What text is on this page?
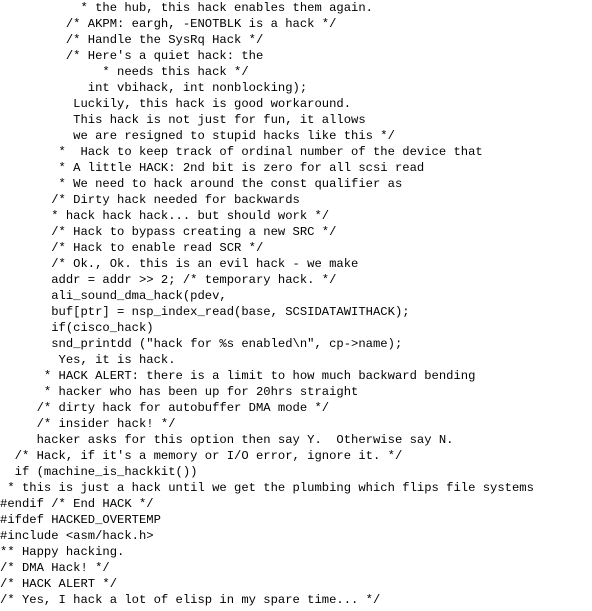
* the hub, this hack enables them again.
/* AKPM: eargh, -ENOTBLK is a hack */
/* Handle the SysRq Hack */
/* Here's a quiet hack: the
* needs this hack */
int vbihack, int nonblocking);
Luckily, this hack is good workaround.
This hack is not just for fun, it allows
we are resigned to stupid hacks like this */
*  Hack to keep track of ordinal number of the device that
* A little HACK: 2nd bit is zero for all scsi read
* We need to hack around the const qualifier as
/* Dirty hack needed for backwards
* hack hack hack... but should work */
/* Hack to bypass creating a new SRC */
/* Hack to enable read SCR */
/* Ok., Ok. this is an evil hack - we make
addr = addr >> 2; /* temporary hack. */
ali_sound_dma_hack(pdev,
buf[ptr] = nsp_index_read(base, SCSIDATAWITHACK);
if(cisco_hack)
snd_printdd ("hack for %s enabled\n", cp->name);
Yes, it is hack.
* HACK ALERT: there is a limit to how much backward bending
* hacker who has been up for 20hrs straight
/* dirty hack for autobuffer DMA mode */
/* insider hack! */
hacker asks for this option then say Y.  Otherwise say N.
/* Hack, if it's a memory or I/O error, ignore it. */
if (machine_is_hackkit())
* this is just a hack until we get the plumbing which flips file systems
#endif /* End HACK */
#ifdef HACKED_OVERTEMP
#include <asm/hack.h>
** Happy hacking.
/* DMA Hack! */
/* HACK ALERT */
/* Yes, I hack a lot of elisp in my spare time... */
